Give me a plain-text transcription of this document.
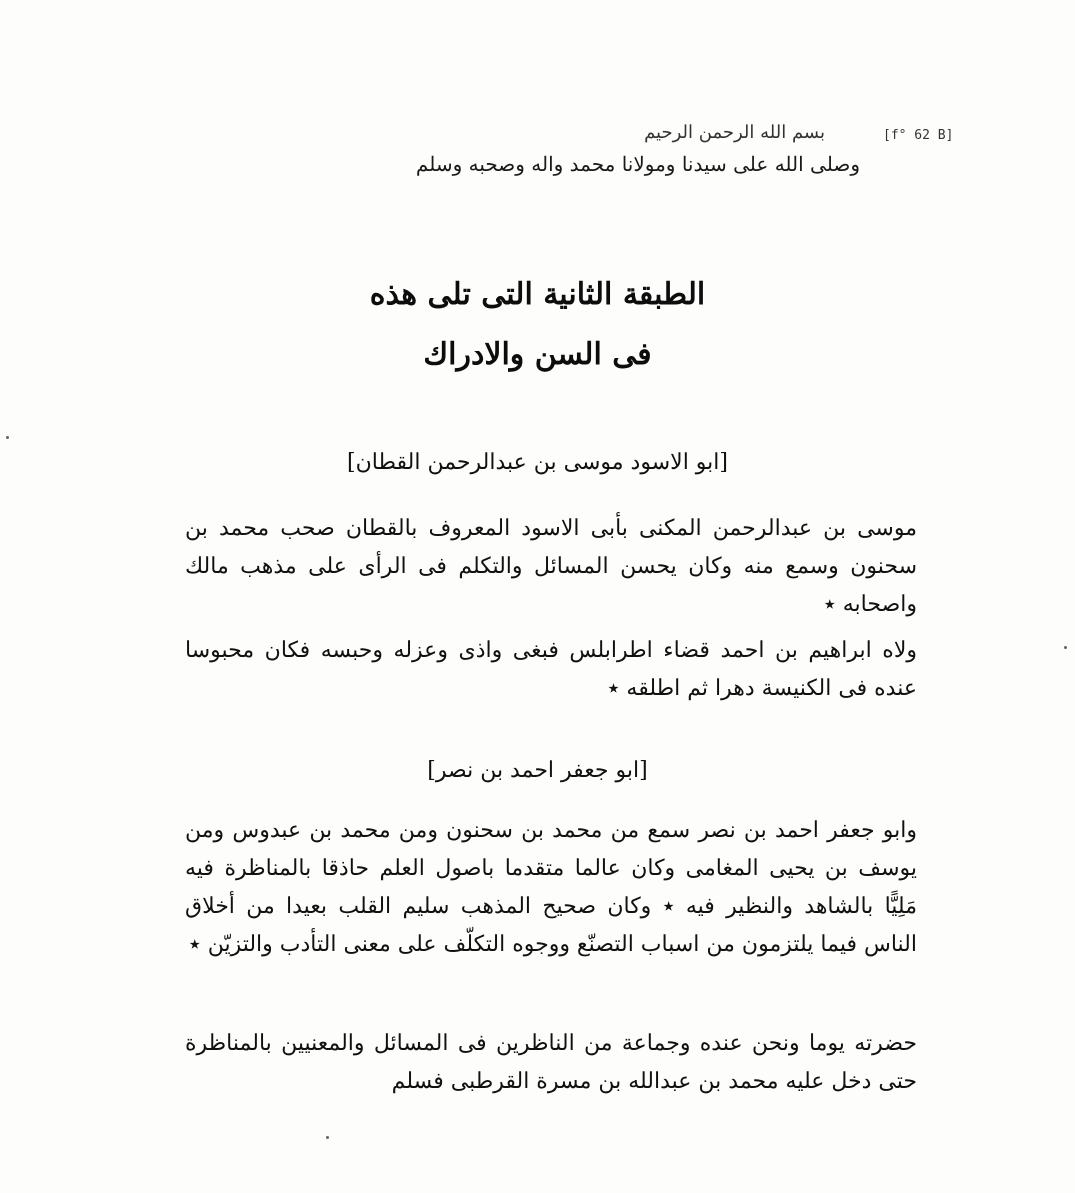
[f° 62 B]
بسم الله الرحمن الرحيم
وصلى الله على سيدنا ومولانا محمد واله وصحبه وسلم
الطبقة الثانية التى تلى هذه
فى السن والادراك
[ابو الاسود موسى بن عبدالرحمن القطان]
موسى بن عبدالرحمن المكنى بأبى الاسود المعروف بالقطان صحب محمد بن سحنون وسمع منه وكان يحسن المسائل والتكلم فى الرأى على مذهب مالك واصحابه ٭
ولاه ابراهيم بن احمد قضاء اطرابلس فبغى واذى وعزله وحبسه فكان محبوسا عنده فى الكنيسة دهرا ثم اطلقه ٭
[ابو جعفر احمد بن نصر]
وابو جعفر احمد بن نصر سمع من محمد بن سحنون ومن محمد بن عبدوس ومن يوسف بن يحيى المغامى وكان عالما متقدما باصول العلم حاذقا بالمناظرة فيه مَلِيًّا بالشاهد والنظير فيه ٭ وكان صحيح المذهب سليم القلب بعيدا من أخلاق الناس فيما يلتزمون من اسباب التصنّع ووجوه التكلّف على معنى التأدب والتزيّن ٭
حضرته يوما ونحن عنده وجماعة من الناظرين فى المسائل والمعنيين بالمناظرة حتى دخل عليه محمد بن عبدالله بن مسرة القرطبى فسلم
